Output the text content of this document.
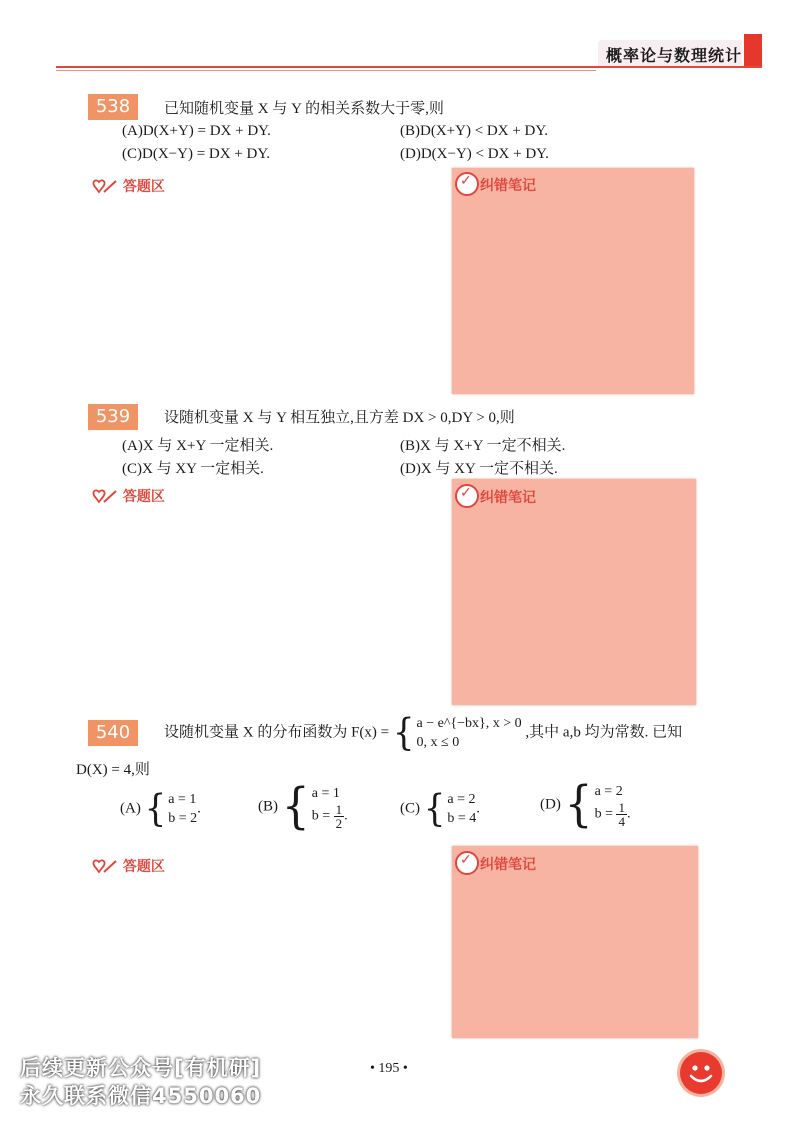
概率论与数理统计
538	已知随机变量 X 与 Y 的相关系数大于零,则
(A)D(X+Y) = DX + DY.	(B)D(X+Y) < DX + DY.
(C)D(X−Y) = DX + DY.	(D)D(X−Y) < DX + DY.
答题区 ✓	纠错笔记
539	设随机变量 X 与 Y 相互独立,且方差 DX > 0,DY > 0,则
(A)X 与 X+Y 一定相关.	(B)X 与 X+Y 一定不相关.
(C)X 与 XY 一定相关.	(D)X 与 XY 一定不相关.
答题区 ✓	纠错笔记
540	设随机变量 X 的分布函数为 F(x) = { a − e^{−bx}, x > 0
0, x ≤ 0
,其中 a,b 均为常数. 已知
D(X) = 4,则
(A) { a = 1
b = 2
.	(B) { a = 1
$b = \frac{1}{2}$ .	(C) { a = 2
b = 4
.	(D) { a = 2
$b = \frac{1}{4}$ .
答题区 ✓	纠错笔记
• 195 •
后续更新公众号[有机研]
永久联系微信4550060
